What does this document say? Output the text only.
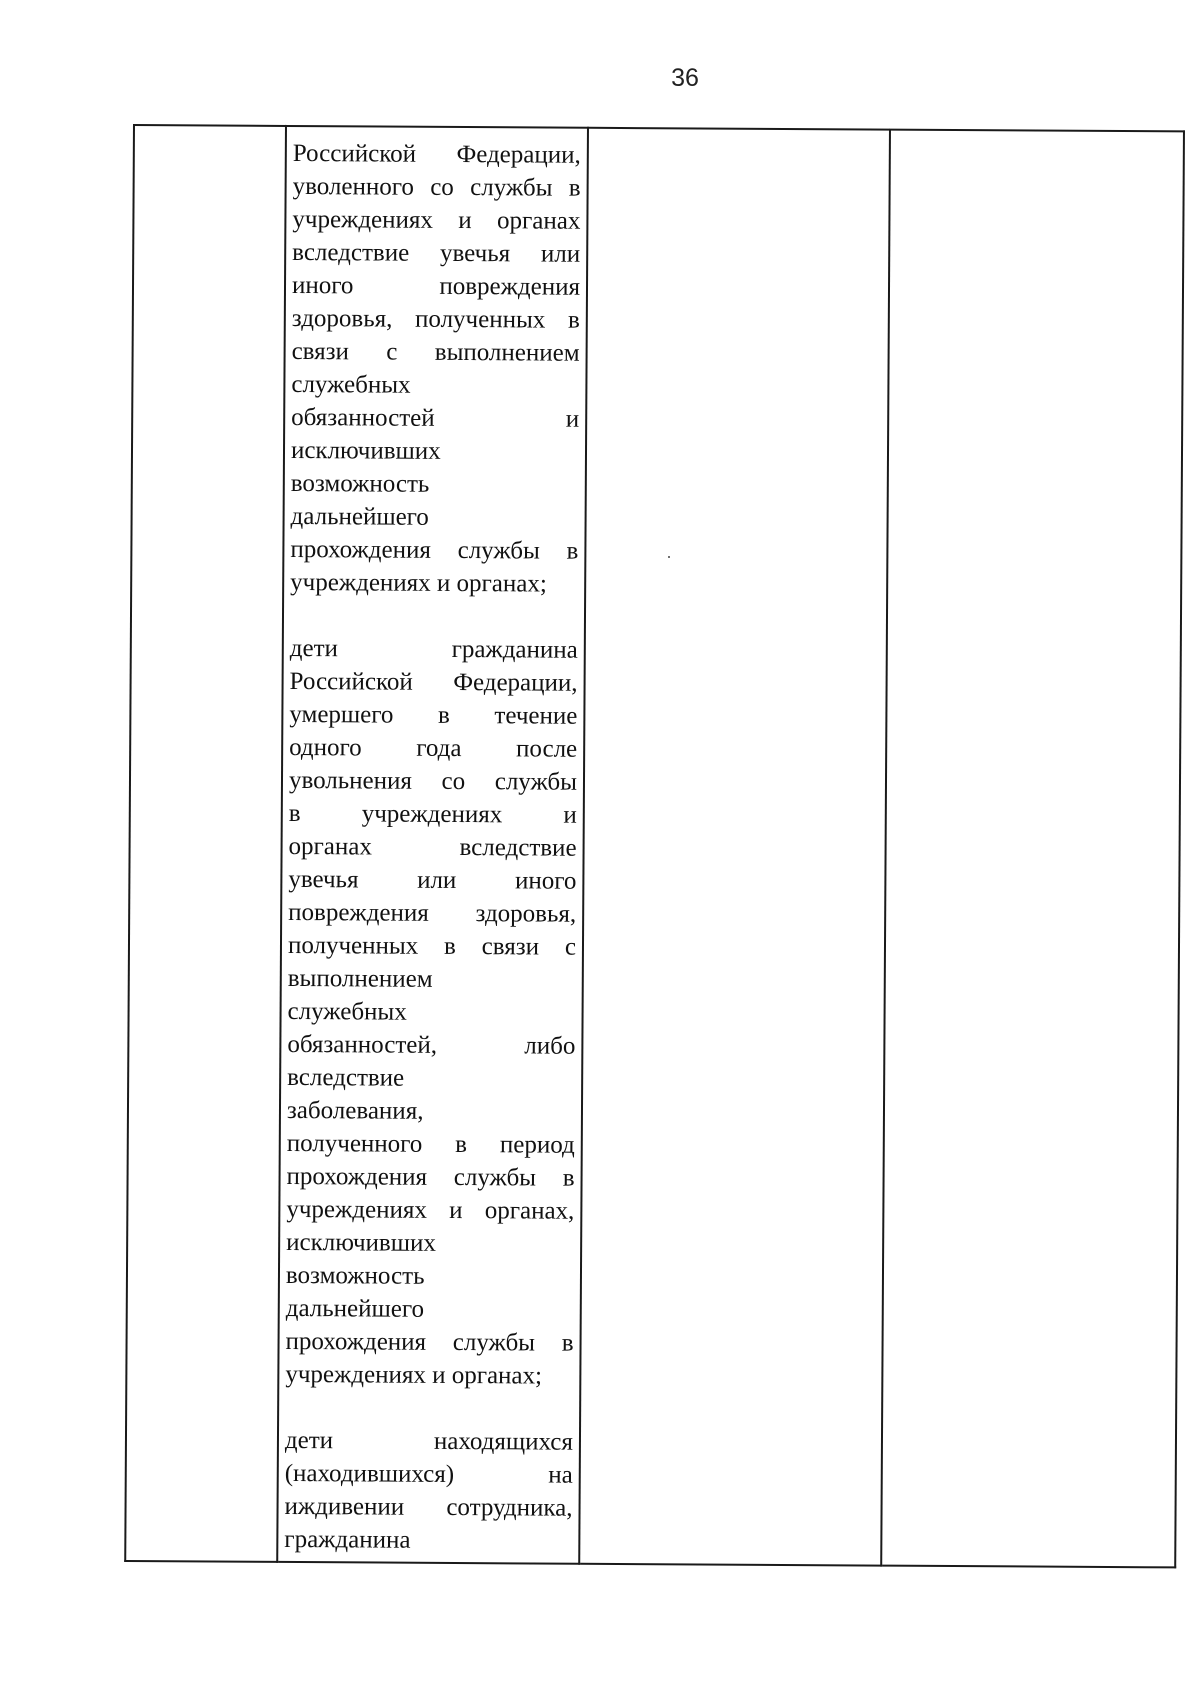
36

Российской Федерации,
уволенного со службы в
учреждениях и органах
вследствие увечья или
иного повреждения
здоровья, полученных в
связи с выполнением
служебных
обязанностей и
исключивших
возможность
дальнейшего
прохождения службы в
учреждениях и органах;
дети гражданина
Российской Федерации,
умершего в течение
одного года после
увольнения со службы
в учреждениях и
органах вследствие
увечья или иного
повреждения здоровья,
полученных в связи с
выполнением
служебных
обязанностей, либо
вследствие
заболевания,
полученного в период
прохождения службы в
учреждениях и органах,
исключивших
возможность
дальнейшего
прохождения службы в
учреждениях и органах;
дети находящихся
(находившихся) на
иждивении сотрудника,
гражданина
